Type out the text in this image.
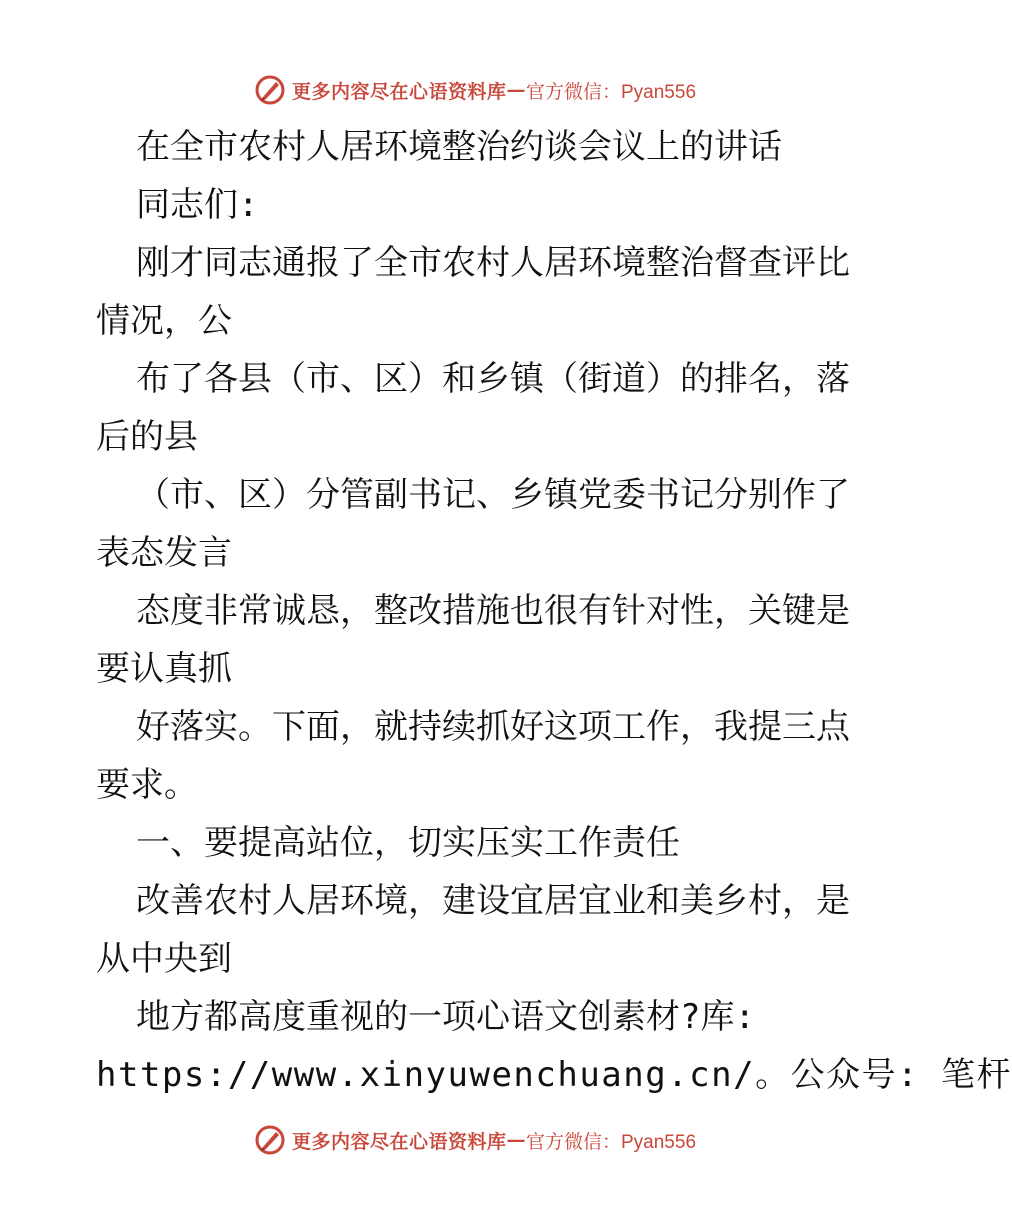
更多内容尽在心语资料库 — 官方微信：Pyan556
在全市农村人居环境整治约谈会议上的讲话
同志们:
刚才同志通报了全市农村人居环境整治督查评比
情况，公
布了各县（市、区）和乡镇（街道）的排名，落
后的县
（市、区）分管副书记、乡镇党委书记分别作了
表态发言
态度非常诚恳，整改措施也很有针对性，关键是
要认真抓
好落实。下面，就持续抓好这项工作，我提三点
要求。
一、要提高站位，切实压实工作责任
改善农村人居环境，建设宜居宜业和美乡村，是
从中央到
地方都高度重视的一项心语文创素材?库:
https://www.xinyuwenchuang.cn/。公众号: 笔杆
更多内容尽在心语资料库 — 官方微信：Pyan556
